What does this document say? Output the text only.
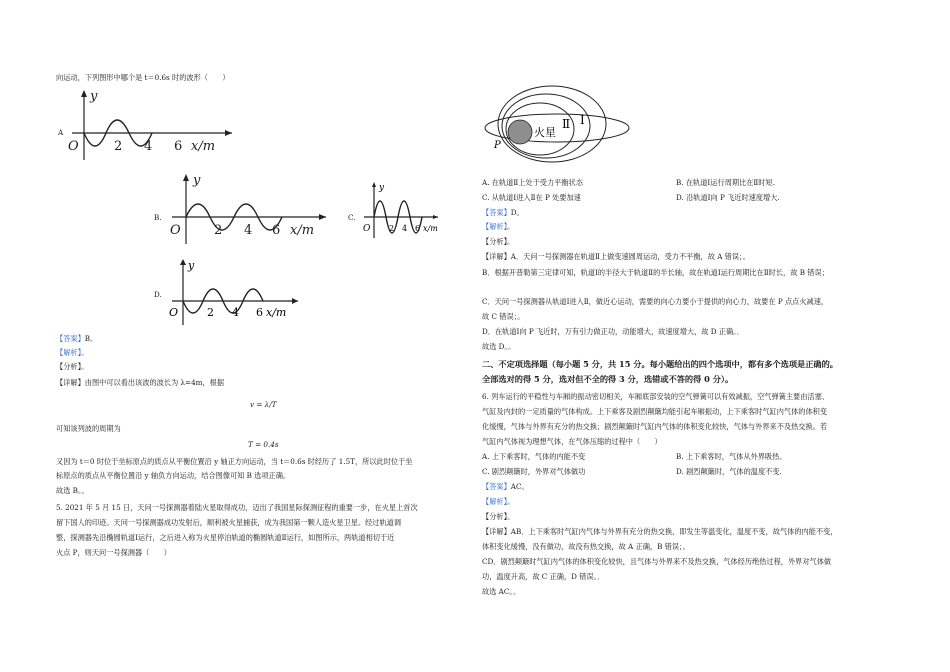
向运动，下列图形中哪个是 t＝0.6s 时的波形（　　）
A
y
O	2 4 6 x/m
B.
y
O	2 4 6 x/m
C.
y
O 2 4 6 x/m
D.
y
O	2 4 6 x/m
【答案】B。
【解析】。
【分析】。
【详解】由图中可以看出该波的波长为 λ=4m，根据
v = λ/T
可知该列波的周期为
T = 0.4s
又因为 t＝0 时位于坐标原点的质点从平衡位置沿 y 轴正方向运动，当 t＝0.6s 时经历了 1.5T，所以此时位于坐
标原点的质点从平衡位置沿 y 轴负方向运动，结合图像可知 B 选项正确。
故选 B。。
5. 2021 年 5 月 15 日，天问一号探测器着陆火星取得成功，迈出了我国星际探测征程的重要一步，在火星上首次
留下国人的印迹。天问一号探测器成功发射后，顺利被火星捕获，成为我国第一颗人造火星卫星。经过轨道调
整，探测器先沿椭圆轨道Ⅰ运行，之后进入称为火星停泊轨道的椭圆轨道Ⅱ运行，如图所示，两轨道相切于近
火点 P，则天问一号探测器（　　）
火星
Ⅱ Ⅰ
P
A. 在轨道Ⅱ上处于受力平衡状态	B. 在轨道Ⅰ运行周期比在Ⅱ时短.
C. 从轨道Ⅰ进入Ⅱ在 P 处要加速	D. 沿轨道Ⅰ向 P 飞近时速度增大.
【答案】D。
【解析】。
【分析】。
【详解】A．天问一号探测器在轨道Ⅱ上做变速圆周运动，受力不平衡，故 A 错误；。
B．根据开普勒第三定律可知，轨道Ⅰ的半径大于轨道Ⅱ的半长轴，故在轨道Ⅰ运行周期比在Ⅱ时长，故 B 错误；
C．天问一号探测器从轨道Ⅰ进入Ⅱ，做近心运动，需要的向心力要小于提供的向心力，故要在 P 点点火减速，
故 C 错误；。
D．在轨道Ⅰ向 P 飞近时，万有引力做正功，动能增大，故速度增大，故 D 正确。．
故选 D。。
二、不定项选择题（每小题 5 分，共 15 分。每小题给出的四个选项中，都有多个选项是正确的。
全部选对的得 5 分，选对但不全的得 3 分，选错或不答的得 0 分）。
6. 列车运行的平稳性与车厢的振动密切相关，车厢底部安装的空气弹簧可以有效减振，空气弹簧主要由活塞、
气缸及内封的一定质量的气体构成。上下乘客及剧烈颠簸均能引起车厢振动，上下乘客时气缸内气体的体积变
化缓慢，气体与外界有充分的热交换；剧烈颠簸时气缸内气体的体积变化较快，气体与外界来不及热交换。若
气缸内气体视为理想气体，在气体压缩的过程中（　　）
A. 上下乘客时，气体的内能不变	B. 上下乘客时，气体从外界吸热。
C. 剧烈颠簸时，外界对气体做功	D. 剧烈颠簸时，气体的温度不变.
【答案】AC。
【解析】。
【分析】。
【详解】AB．上下乘客时气缸内气体与外界有充分的热交换，即发生等温变化，温度不变，故气体的内能不变，
体积变化缓慢，没有做功，故没有热交换，故 A 正确，B 错误；。
CD．剧烈颠簸时气缸内气体的体积变化较快，且气体与外界来不及热交换，气体经历绝热过程，外界对气体做
功，温度升高，故 C 正确，D 错误。．
故选 AC。。
